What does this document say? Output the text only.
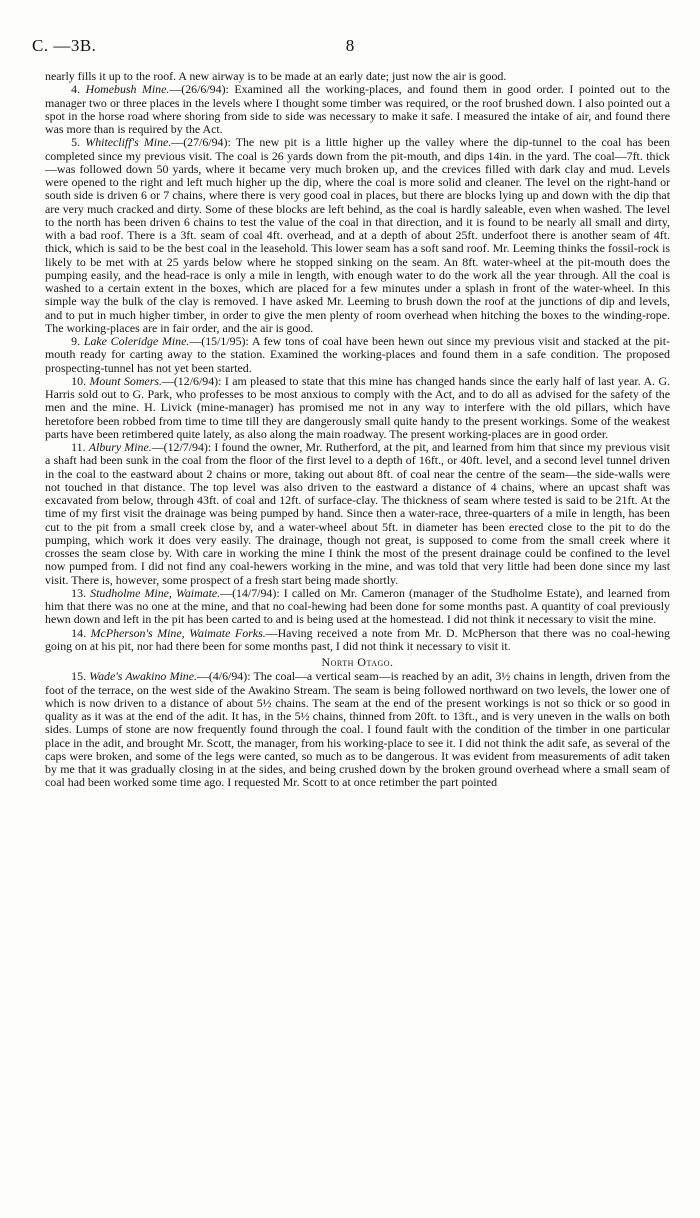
C. —3B.	8

nearly fills it up to the roof. A new airway is to be made at an early date; just now the air is good.

4. Homebush Mine.—(26/6/94): Examined all the working-places, and found them in good order. I pointed out to the manager two or three places in the levels where I thought some timber was required, or the roof brushed down. I also pointed out a spot in the horse road where shoring from side to side was necessary to make it safe. I measured the intake of air, and found there was more than is required by the Act.

5. Whitecliff's Mine.—(27/6/94): The new pit is a little higher up the valley where the dip-tunnel to the coal has been completed since my previous visit. The coal is 26 yards down from the pit-mouth, and dips 14in. in the yard. The coal—7ft. thick—was followed down 50 yards, where it became very much broken up, and the crevices filled with dark clay and mud. Levels were opened to the right and left much higher up the dip, where the coal is more solid and cleaner. The level on the right-hand or south side is driven 6 or 7 chains, where there is very good coal in places, but there are blocks lying up and down with the dip that are very much cracked and dirty. Some of these blocks are left behind, as the coal is hardly saleable, even when washed. The level to the north has been driven 6 chains to test the value of the coal in that direction, and it is found to be nearly all small and dirty, with a bad roof. There is a 3ft. seam of coal 4ft. overhead, and at a depth of about 25ft. underfoot there is another seam of 4ft. thick, which is said to be the best coal in the leasehold. This lower seam has a soft sand roof. Mr. Leeming thinks the fossil-rock is likely to be met with at 25 yards below where he stopped sinking on the seam. An 8ft. water-wheel at the pit-mouth does the pumping easily, and the head-race is only a mile in length, with enough water to do the work all the year through. All the coal is washed to a certain extent in the boxes, which are placed for a few minutes under a splash in front of the water-wheel. In this simple way the bulk of the clay is removed. I have asked Mr. Leeming to brush down the roof at the junctions of dip and levels, and to put in much higher timber, in order to give the men plenty of room overhead when hitching the boxes to the winding-rope. The working-places are in fair order, and the air is good.

9. Lake Coleridge Mine.—(15/1/95): A few tons of coal have been hewn out since my previous visit and stacked at the pit-mouth ready for carting away to the station. Examined the working-places and found them in a safe condition. The proposed prospecting-tunnel has not yet been started.

10. Mount Somers.—(12/6/94): I am pleased to state that this mine has changed hands since the early half of last year. A. G. Harris sold out to G. Park, who professes to be most anxious to comply with the Act, and to do all as advised for the safety of the men and the mine. H. Livick (mine-manager) has promised me not in any way to interfere with the old pillars, which have heretofore been robbed from time to time till they are dangerously small quite handy to the present workings. Some of the weakest parts have been retimbered quite lately, as also along the main roadway. The present working-places are in good order.

11. Albury Mine.—(12/7/94): I found the owner, Mr. Rutherford, at the pit, and learned from him that since my previous visit a shaft had been sunk in the coal from the floor of the first level to a depth of 16ft., or 40ft. level, and a second level tunnel driven in the coal to the eastward about 2 chains or more, taking out about 8ft. of coal near the centre of the seam—the side-walls were not touched in that distance. The top level was also driven to the eastward a distance of 4 chains, where an upcast shaft was excavated from below, through 43ft. of coal and 12ft. of surface-clay. The thickness of seam where tested is said to be 21ft. At the time of my first visit the drainage was being pumped by hand. Since then a water-race, three-quarters of a mile in length, has been cut to the pit from a small creek close by, and a water-wheel about 5ft. in diameter has been erected close to the pit to do the pumping, which work it does very easily. The drainage, though not great, is supposed to come from the small creek where it crosses the seam close by. With care in working the mine I think the most of the present drainage could be confined to the level now pumped from. I did not find any coal-hewers working in the mine, and was told that very little had been done since my last visit. There is, however, some prospect of a fresh start being made shortly.

13. Studholme Mine, Waimate.—(14/7/94): I called on Mr. Cameron (manager of the Studholme Estate), and learned from him that there was no one at the mine, and that no coal-hewing had been done for some months past. A quantity of coal previously hewn down and left in the pit has been carted to and is being used at the homestead. I did not think it necessary to visit the mine.

14. McPherson's Mine, Waimate Forks.—Having received a note from Mr. D. McPherson that there was no coal-hewing going on at his pit, nor had there been for some months past, I did not think it necessary to visit it.

North Otago.

15. Wade's Awakino Mine.—(4/6/94): The coal—a vertical seam—is reached by an adit, 3½ chains in length, driven from the foot of the terrace, on the west side of the Awakino Stream. The seam is being followed northward on two levels, the lower one of which is now driven to a distance of about 5½ chains. The seam at the end of the present workings is not so thick or so good in quality as it was at the end of the adit. It has, in the 5½ chains, thinned from 20ft. to 13ft., and is very uneven in the walls on both sides. Lumps of stone are now frequently found through the coal. I found fault with the condition of the timber in one particular place in the adit, and brought Mr. Scott, the manager, from his working-place to see it. I did not think the adit safe, as several of the caps were broken, and some of the legs were canted, so much as to be dangerous. It was evident from measurements of adit taken by me that it was gradually closing in at the sides, and being crushed down by the broken ground overhead where a small seam of coal had been worked some time ago. I requested Mr. Scott to at once retimber the part pointed
